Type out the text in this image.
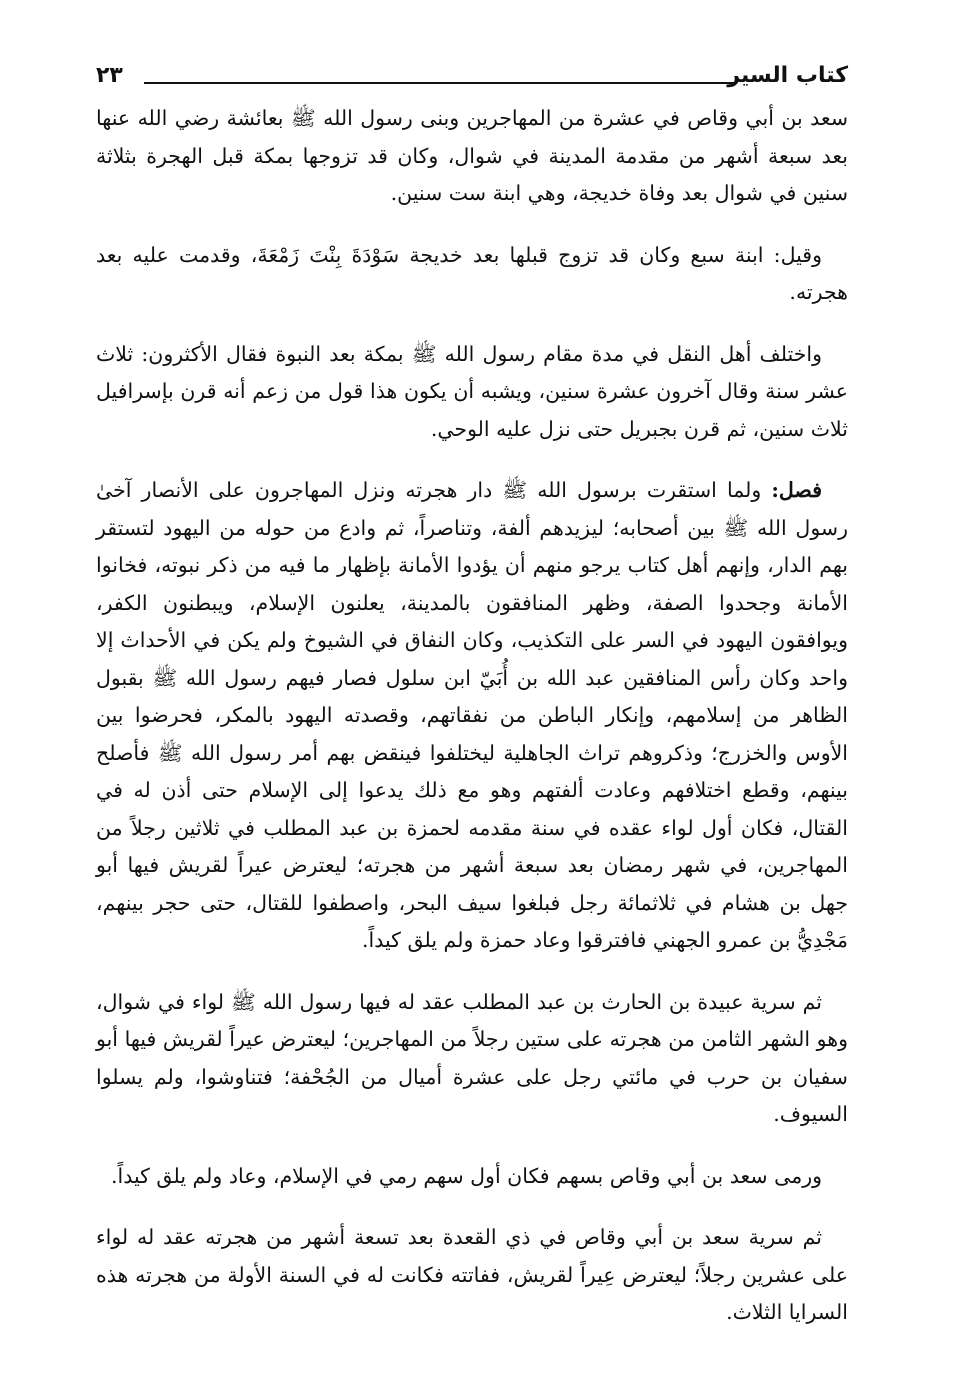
كتاب السير
٢٣

سعد بن أبي وقاص في عشرة من المهاجرين وبنى رسول الله ﷺ بعائشة رضي الله عنها بعد سبعة أشهر من مقدمة المدينة في شوال، وكان قد تزوجها بمكة قبل الهجرة بثلاثة سنين في شوال بعد وفاة خديجة، وهي ابنة ست سنين.

وقيل: ابنة سبع وكان قد تزوج قبلها بعد خديجة سَوْدَةَ بِنْتَ زَمْعَةَ، وقدمت عليه بعد هجرته.

واختلف أهل النقل في مدة مقام رسول الله ﷺ بمكة بعد النبوة فقال الأكثرون: ثلاث عشر سنة وقال آخرون عشرة سنين، ويشبه أن يكون هذا قول من زعم أنه قرن بإسرافيل ثلاث سنين، ثم قرن بجبريل حتى نزل عليه الوحي.

فصل: ولما استقرت برسول الله ﷺ دار هجرته ونزل المهاجرون على الأنصار آخىٰ رسول الله ﷺ بين أصحابه؛ ليزيدهم ألفة، وتناصراً، ثم وادع من حوله من اليهود لتستقر بهم الدار، وإنهم أهل كتاب يرجو منهم أن يؤدوا الأمانة بإظهار ما فيه من ذكر نبوته، فخانوا الأمانة وجحدوا الصفة، وظهر المنافقون بالمدينة، يعلنون الإسلام، ويبطنون الكفر، ويوافقون اليهود في السر على التكذيب، وكان النفاق في الشيوخ ولم يكن في الأحداث إلا واحد وكان رأس المنافقين عبد الله بن أُبَيّ ابن سلول فصار فيهم رسول الله ﷺ بقبول الظاهر من إسلامهم، وإنكار الباطن من نفقاتهم، وقصدته اليهود بالمكر، فحرضوا بين الأوس والخزرج؛ وذكروهم تراث الجاهلية ليختلفوا فينقض بهم أمر رسول الله ﷺ فأصلح بينهم، وقطع اختلافهم وعادت ألفتهم وهو مع ذلك يدعوا إلى الإسلام حتى أذن له في القتال، فكان أول لواء عقده في سنة مقدمه لحمزة بن عبد المطلب في ثلاثين رجلاً من المهاجرين، في شهر رمضان بعد سبعة أشهر من هجرته؛ ليعترض عيراً لقريش فيها أبو جهل بن هشام في ثلاثمائة رجل فبلغوا سيف البحر، واصطفوا للقتال، حتى حجر بينهم، مَجْدِيُّ بن عمرو الجهني فافترقوا وعاد حمزة ولم يلق كيداً.

ثم سرية عبيدة بن الحارث بن عبد المطلب عقد له فيها رسول الله ﷺ لواء في شوال، وهو الشهر الثامن من هجرته على ستين رجلاً من المهاجرين؛ ليعترض عيراً لقريش فيها أبو سفيان بن حرب في مائتي رجل على عشرة أميال من الجُحْفة؛ فتناوشوا، ولم يسلوا السيوف.

ورمى سعد بن أبي وقاص بسهم فكان أول سهم رمي في الإسلام، وعاد ولم يلق كيداً.

ثم سرية سعد بن أبي وقاص في ذي القعدة بعد تسعة أشهر من هجرته عقد له لواء على عشرين رجلاً؛ ليعترض عِيراً لقريش، ففاتته فكانت له في السنة الأولة من هجرته هذه السرايا الثلاث.
